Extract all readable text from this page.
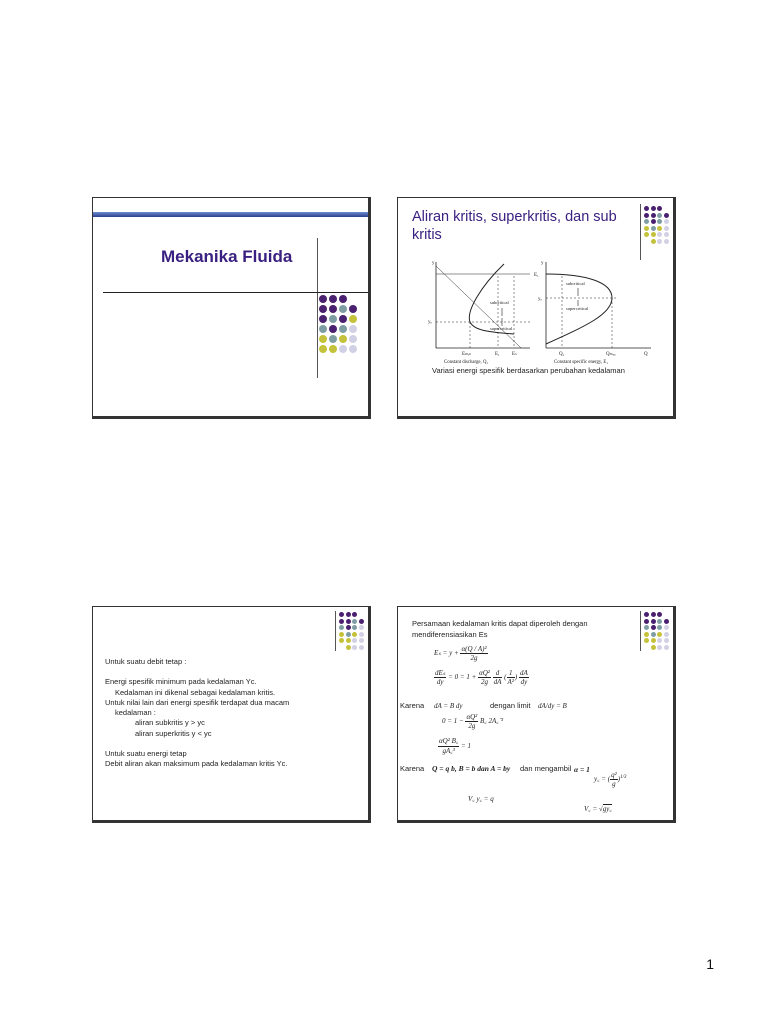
Mekanika Fluida
Aliran kritis, superkritis, dan sub kritis
y
yₑ
subcritical
supercritical
Eₘᵢₙ	E₁ Eₛ
Constant discharge, Q₁
y
E₁
yₑ
subcritical
supercritical
Q₁	Qₘₐₓ	Q
Constant specific energy, E₁
Variasi energi spesifik berdasarkan perubahan kedalaman
Untuk suatu debit tetap :
Energi spesifik minimum pada kedalaman Yc.
Kedalaman ini dikenal sebagai kedalaman kritis.
Untuk nilai lain dari energi spesifik terdapat dua macam
kedalaman :
aliran subkritis y > yc
aliran superkritis y < yc
Untuk suatu energi tetap
Debit aliran akan maksimum pada kedalaman kritis Yc.
Persamaan kedalaman kritis dapat diperoleh dengan
mendiferensiasikan Es
$E_s = y + \frac{\text{α(Q / A)²}}{2g}$
$\frac{\text{dEₛ}}{dy} = 0 = 1 + \frac{\text{αQ²}}{2g}$
$\frac{d}{dA}$ ( $\frac{1}{\text{A²}}$ ) $\frac{dA}{dy}$
Karena dA = B dy	dengan limit dA/dy = B
$0 = 1 - \frac{\text{αQ²}}{2g}$ B꜀ 2A꜀⁻³
$\frac{\text{αQ² B꜀}}{\text{gA꜀³}} = 1$
Karena Q = q b, B = b dan A = by dan mengambil α = 1
y꜀ = ( $\frac{\text{q²}}{g} )^{1/3}$
V꜀ y꜀ = q
V꜀ = √gy꜀
1
